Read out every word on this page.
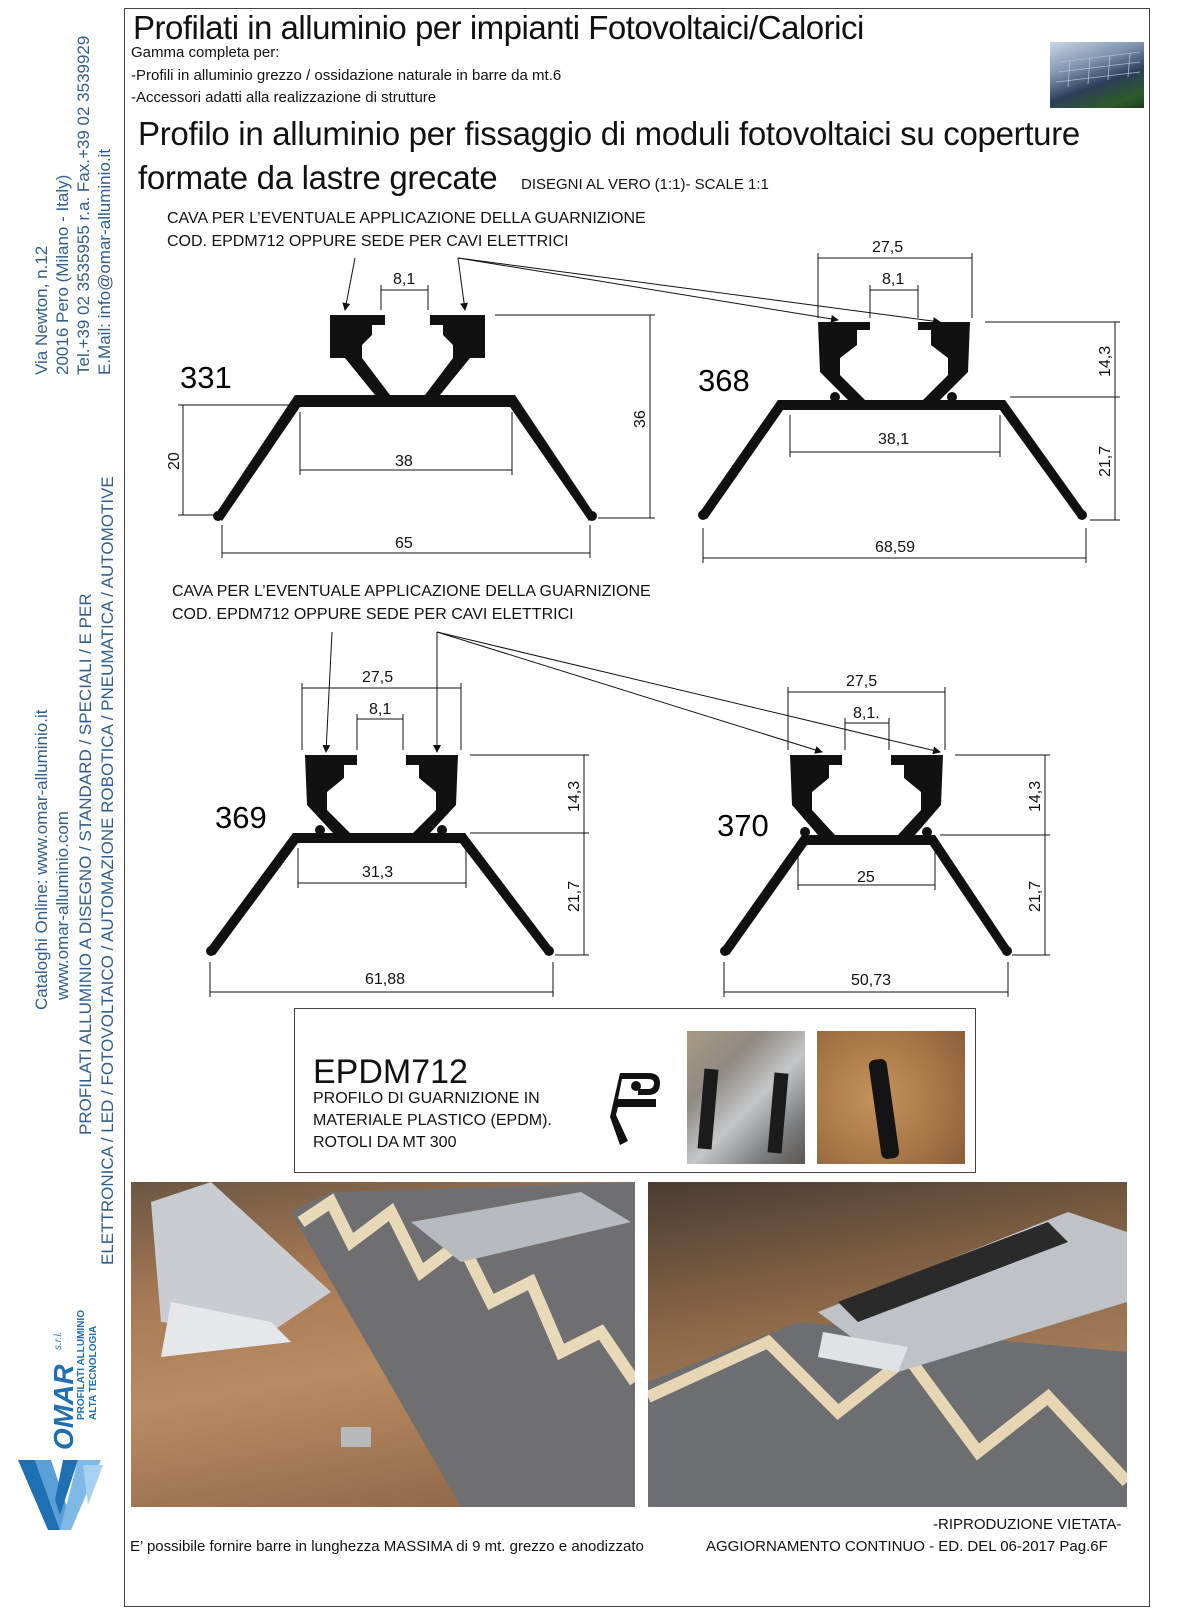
Via Newton, n.12 20016 Pero (Milano - Italy) Tel.+39 02 3535955 r.a. Fax.+39 02 3539929 E.Mail: info@omar-alluminio.it
Cataloghi Online: www.omar-alluminio.it www.omar-alluminio.com PROFILATI ALLUMINIO A DISEGNO / STANDARD / SPECIALI / E PER ELETTRONICA / LED / FOTOVOLTAICO / AUTOMAZIONE ROBOTICA / PNEUMATICA / AUTOMOTIVE
OMAR
s.r.l. PROFILATI ALLUMINIO ALTA TECNOLOGIA
Profilati in alluminio per impianti Fotovoltaici/Calorici
Gamma completa per:
-Profili in alluminio grezzo / ossidazione naturale in barre da mt.6
-Accessori adatti alla realizzazione di strutture
Profilo in alluminio per fissaggio di moduli fotovoltaici su coperture
formate da lastre grecate DISEGNI AL VERO (1:1)- SCALE 1:1
CAVA PER L’EVENTUALE APPLICAZIONE DELLA GUARNIZIONE
COD. EPDM712 OPPURE SEDE PER CAVI ELETTRICI
CAVA PER L’EVENTUALE APPLICAZIONE DELLA GUARNIZIONE
COD. EPDM712 OPPURE SEDE PER CAVI ELETTRICI
8,1
38
65
20
36
331
27,5
8,1
38,1
68,59
14,3
21,7
368
27,5
8,1
31,3
61,88
14,3
21,7
369
27,5
8,1.
25
50,73
14,3
21,7
370
EPDM712
PROFILO DI GUARNIZIONE IN
MATERIALE PLASTICO (EPDM).
ROTOLI DA MT 300
E’ possibile fornire barre in lunghezza MASSIMA di 9 mt. grezzo e anodizzato
-RIPRODUZIONE VIETATA-
AGGIORNAMENTO CONTINUO - ED. DEL 06-2017 Pag.6F
